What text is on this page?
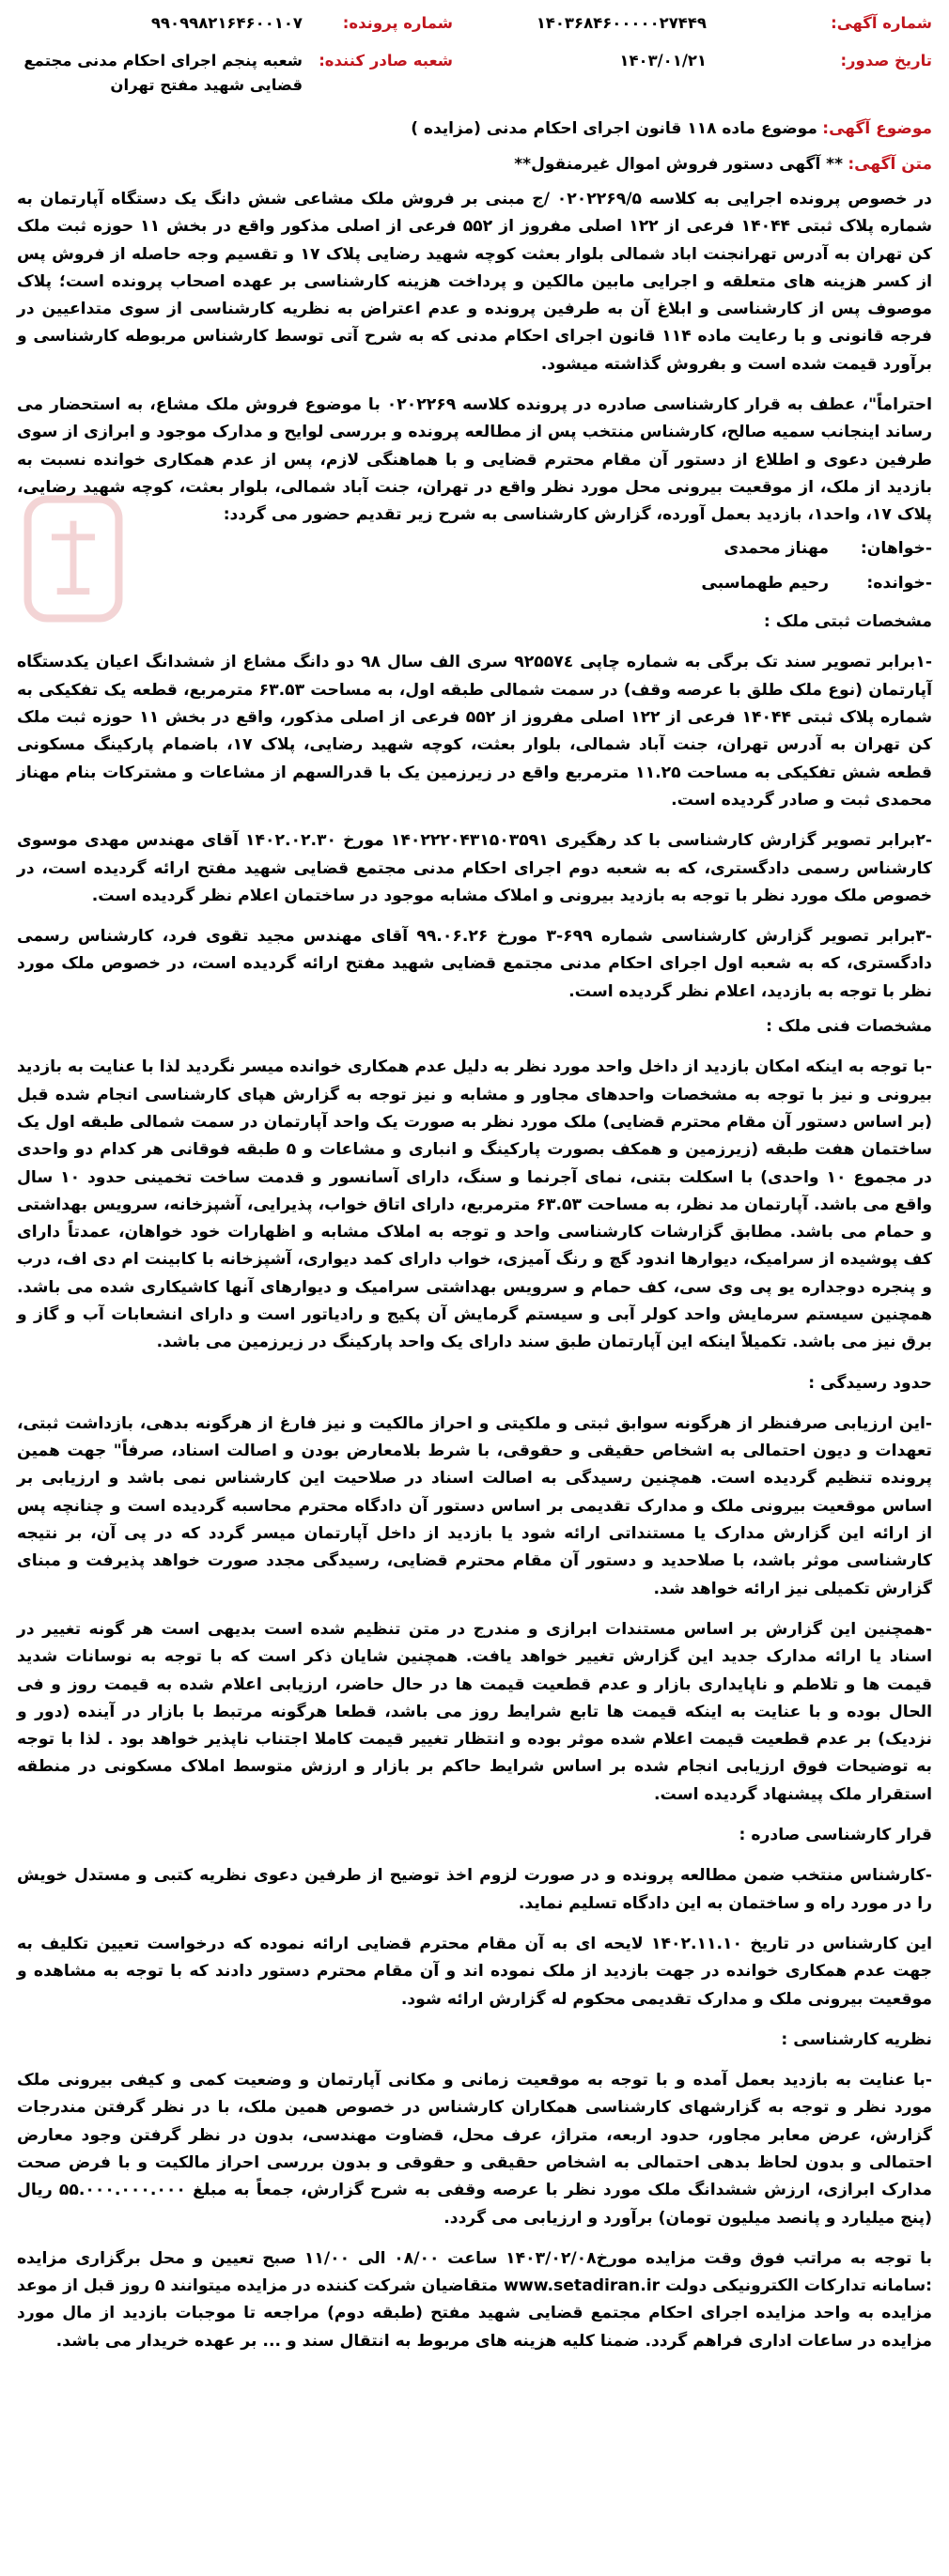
شماره آگهی:
۱۴۰۳۶۸۴۶۰۰۰۰۰۲۷۴۴۹
شماره پرونده:
۹۹۰۹۹۸۲۱۶۴۶۰۰۱۰۷
تاریخ صدور:
۱۴۰۳/۰۱/۲۱
شعبه صادر کننده:
شعبه پنجم اجرای احکام مدنی مجتمع قضایی شهید مفتح تهران
موضوع آگهی: موضوع ماده ۱۱۸ قانون اجرای احکام مدنی (مزایده )
متن آگهی: ** آگهی دستور فروش اموال غیرمنقول**

در خصوص پرونده اجرایی به کلاسه ۰۲۰۲۲۶۹/۵ /ج مبنی بر فروش ملک مشاعی شش دانگ یک دستگاه آپارتمان به شماره پلاک ثبتی ۱۴۰۴۴ فرعی از ۱۲۲ اصلی مفروز از ۵۵۲ فرعی از اصلی مذکور واقع در بخش ۱۱ حوزه ثبت ملک کن تهران به آدرس تهرانجنت اباد شمالی بلوار بعثت کوچه شهید رضایی پلاک ۱۷ و تقسیم وجه حاصله از فروش پس از کسر هزینه های متعلقه و اجرایی مابین مالکین و پرداخت هزینه کارشناسی بر عهده اصحاب پرونده است؛ پلاک موصوف پس از کارشناسی و ابلاغ آن به طرفین پرونده و عدم اعتراض به نظریه کارشناسی از سوی متداعیین در فرجه قانونی و با رعایت ماده ۱۱۴ قانون اجرای احکام مدنی که به شرح آتی توسط کارشناس مربوطه کارشناسی و برآورد قیمت شده است و بفروش گذاشته میشود.

احتراماً"، عطف به قرار کارشناسی صادره در پرونده کلاسه ۰۲۰۲۲۶۹ با موضوع فروش ملک مشاع، به استحضار می رساند اینجانب سمیه صالح، کارشناس منتخب پس از مطالعه پرونده و بررسی لوایح و مدارک موجود و ابرازی از سوی طرفین دعوی و اطلاع از دستور آن مقام محترم قضایی و با هماهنگی لازم، پس از عدم همکاری خوانده نسبت به بازدید از ملک، از موقعیت بیرونی محل مورد نظر واقع در تهران، جنت آباد شمالی، بلوار بعثت، کوچه شهید رضایی، پلاک ۱۷، واحد۱، بازدید بعمل آورده، گزارش کارشناسی به شرح زیر تقدیم حضور می گردد:

-خواهان:
مهناز محمدی
-خوانده:
رحیم طهماسبی
مشخصات ثبتی ملک :

-۱برابر تصویر سند تک برگی به شماره چاپی ۹۲۵۵۷٤ سری الف سال ۹۸ دو دانگ مشاع از ششدانگ اعیان یکدستگاه آپارتمان (نوع ملک طلق با عرصه وقف) در سمت شمالی طبقه اول، به مساحت ۶۳.۵۳ مترمربع، قطعه یک تفکیکی به شماره پلاک ثبتی ۱۴۰۴۴ فرعی از ۱۲۲ اصلی مفروز از ۵۵۲ فرعی از اصلی مذکور، واقع در بخش ۱۱ حوزه ثبت ملک کن تهران به آدرس تهران، جنت آباد شمالی، بلوار بعثت، کوچه شهید رضایی، پلاک ۱۷، باضمام پارکینگ مسکونی قطعه شش تفکیکی به مساحت ۱۱.۲۵ مترمربع واقع در زیرزمین یک با قدرالسهم از مشاعات و مشترکات بنام مهناز محمدی ثبت و صادر گردیده است.

-۲برابر تصویر گزارش کارشناسی با کد رهگیری ۱۴۰۲۲۲۰۴۳۱۵۰۳۵۹۱ مورخ ۱۴۰۲.۰۲.۳۰ آقای مهندس مهدی موسوی کارشناس رسمی دادگستری، که به شعبه دوم اجرای احکام مدنی مجتمع قضایی شهید مفتح ارائه گردیده است، در خصوص ملک مورد نظر با توجه به بازدید بیرونی و املاک مشابه موجود در ساختمان اعلام نظر گردیده است.

-۳برابر تصویر گزارش کارشناسی شماره ۶۹۹-۳ مورخ ۹۹.۰۶.۲۶ آقای مهندس مجید تقوی فرد، کارشناس رسمی دادگستری، که به شعبه اول اجرای احکام مدنی مجتمع قضایی شهید مفتح ارائه گردیده است، در خصوص ملک مورد نظر با توجه به بازدید، اعلام نظر گردیده است.

مشخصات فنی ملک :

-با توجه به اینکه امکان بازدید از داخل واحد مورد نظر به دلیل عدم همکاری خوانده میسر نگردید لذا با عنایت به بازدید بیرونی و نیز با توجه به مشخصات واحدهای مجاور و مشابه و نیز توجه به گزارش هپای کارشناسی انجام شده قبل (بر اساس دستور آن مقام محترم قضایی) ملک مورد نظر به صورت یک واحد آپارتمان در سمت شمالی طبقه اول یک ساختمان هفت طبقه (زیرزمین و همکف بصورت پارکینگ و انباری و مشاعات و ۵ طبقه فوقانی هر کدام دو واحدی در مجموع ۱۰ واحدی) با اسکلت بتنی، نمای آجرنما و سنگ، دارای آسانسور و قدمت ساخت تخمینی حدود ۱۰ سال واقع می باشد. آپارتمان مد نظر، به مساحت ۶۳.۵۳ مترمربع، دارای اتاق خواب، پذیرایی، آشپزخانه، سرویس بهداشتی و حمام می باشد. مطابق گزارشات کارشناسی واحد و توجه به املاک مشابه و اظهارات خود خواهان، عمدتاً دارای کف پوشیده از سرامیک، دیوارها اندود گچ و رنگ آمیزی، خواب دارای کمد دیواری، آشپزخانه با کابینت ام دی اف، درب و پنجره دوجداره یو پی وی سی، کف حمام و سرویس بهداشتی سرامیک و دیوارهای آنها کاشیکاری شده می باشد. همچنین سیستم سرمایش واحد کولر آبی و سیستم گرمایش آن پکیج و رادیاتور است و دارای انشعابات آب و گاز و برق نیز می باشد. تکمیلاً اینکه این آپارتمان طبق سند دارای یک واحد پارکینگ در زیرزمین می باشد.

حدود رسیدگی :

-این ارزیابی صرفنظر از هرگونه سوابق ثبتی و ملکیتی و احراز مالکیت و نیز فارغ از هرگونه بدهی، بازداشت ثبتی، تعهدات و دیون احتمالی به اشخاص حقیقی و حقوقی، با شرط بلامعارض بودن و اصالت اسناد، صرفاً" جهت همین پرونده تنظیم گردیده است. همچنین رسیدگی به اصالت اسناد در صلاحیت این کارشناس نمی باشد و ارزیابی بر اساس موقعیت بیرونی ملک و مدارک تقدیمی بر اساس دستور آن دادگاه محترم محاسبه گردیده است و چنانچه پس از ارائه این گزارش مدارک یا مستنداتی ارائه شود یا بازدید از داخل آپارتمان میسر گردد که در پی آن، بر نتیجه کارشناسی موثر باشد، با صلاحدید و دستور آن مقام محترم قضایی، رسیدگی مجدد صورت خواهد پذیرفت و مبنای گزارش تکمیلی نیز ارائه خواهد شد.

-همچنین این گزارش بر اساس مستندات ابرازی و مندرج در متن تنظیم شده است بدیهی است هر گونه تغییر در اسناد یا ارائه مدارک جدید این گزارش تغییر خواهد یافت. همچنین شایان ذکر است که با توجه به نوسانات شدید قیمت ها و تلاطم و ناپایداری بازار و عدم قطعیت قیمت ها در حال حاضر، ارزیابی اعلام شده به قیمت روز و فی الحال بوده و با عنایت به اینکه قیمت ها تابع شرایط روز می باشد، قطعا هرگونه مرتبط با بازار در آینده (دور و نزدیک) بر عدم قطعیت قیمت اعلام شده موثر بوده و انتظار تغییر قیمت کاملا اجتناب ناپذیر خواهد بود . لذا با توجه به توضیحات فوق ارزیابی انجام شده بر اساس شرایط حاکم بر بازار و ارزش متوسط املاک مسکونی در منطقه استقرار ملک پیشنهاد گردیده است.

قرار کارشناسی صادره :

-کارشناس منتخب ضمن مطالعه پرونده و در صورت لزوم اخذ توضیح از طرفین دعوی نظریه کتبی و مستدل خویش را در مورد راه و ساختمان به این دادگاه تسلیم نماید.

این کارشناس در تاریخ ۱۴۰۲.۱۱.۱۰ لایحه ای به آن مقام محترم قضایی ارائه نموده که درخواست تعیین تکلیف به جهت عدم همکاری خوانده در جهت بازدید از ملک نموده اند و آن مقام محترم دستور دادند که با توجه به مشاهده و موقعیت بیرونی ملک و مدارک تقدیمی محکوم له گزارش ارائه شود.

نظریه کارشناسی :

-با عنایت به بازدید بعمل آمده و با توجه به موقعیت زمانی و مکانی آپارتمان و وضعیت کمی و کیفی بیرونی ملک مورد نظر و توجه به گزارشهای کارشناسی همکاران کارشناس در خصوص همین ملک، با در نظر گرفتن مندرجات گزارش، عرض معابر مجاور، حدود اربعه، متراژ، عرف محل، قضاوت مهندسی، بدون در نظر گرفتن وجود معارض احتمالی و بدون لحاظ بدهی احتمالی به اشخاص حقیقی و حقوقی و بدون بررسی احراز مالکیت و با فرض صحت مدارک ابرازی، ارزش ششدانگ ملک مورد نظر با عرصه وقفی به شرح گزارش، جمعاً به مبلغ ۵۵.۰۰۰.۰۰۰.۰۰۰ ریال (پنج میلیارد و پانصد میلیون تومان) برآورد و ارزیابی می گردد.

با توجه به مراتب فوق وقت مزایده مورخ۱۴۰۳/۰۲/۰۸ ساعت ۰۸/۰۰ الی ۱۱/۰۰ صبح تعیین و محل برگزاری مزایده :سامانه تدارکات الکترونیکی دولت www.setadiran.ir متقاضیان شرکت کننده در مزایده میتوانند ۵ روز قبل از موعد مزایده به واحد مزایده اجرای احکام مجتمع قضایی شهید مفتح (طبقه دوم) مراجعه تا موجبات بازدید از مال مورد مزایده در ساعات اداری فراهم گردد. ضمنا کلیه هزینه های مربوط به انتقال سند و ... بر عهده خریدار می باشد.
